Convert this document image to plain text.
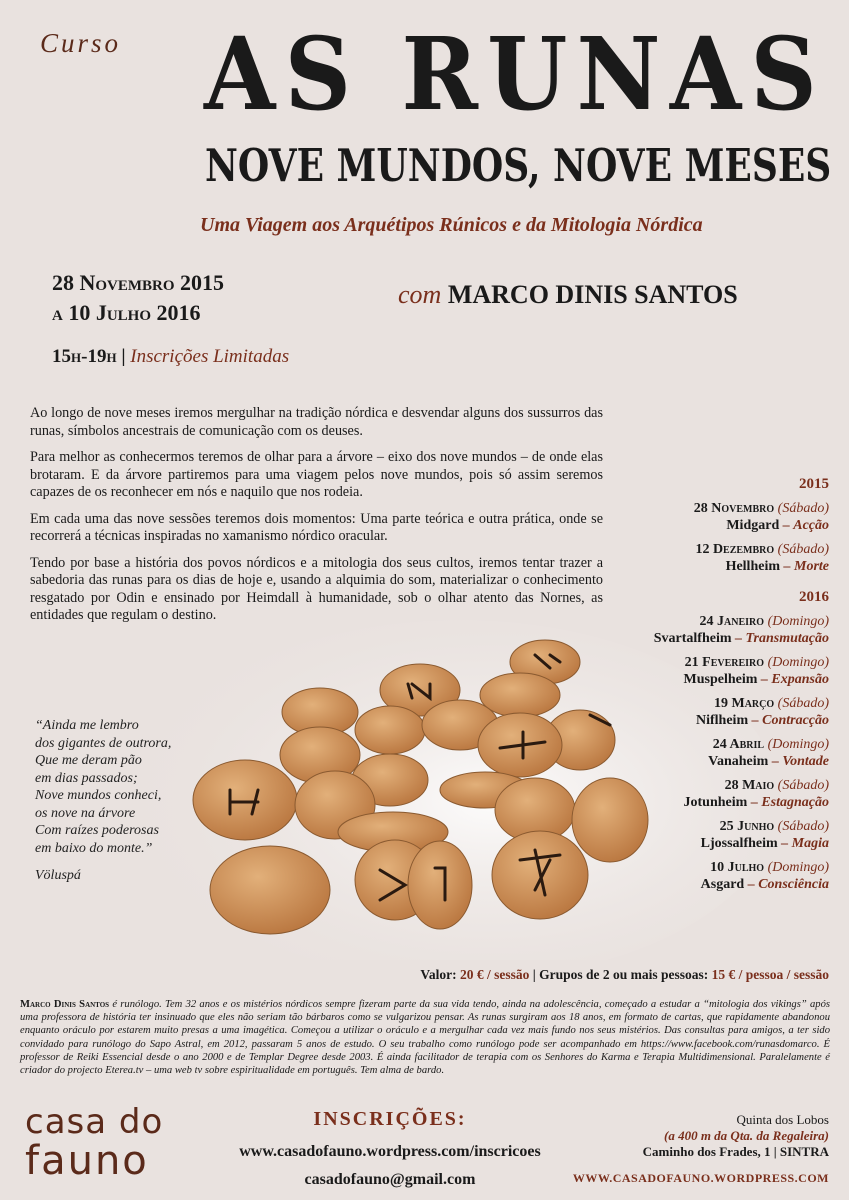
Curso AS RUNAS
NOVE MUNDOS, NOVE MESES
Uma Viagem aos Arquétipos Rúnicos e da Mitologia Nórdica
28 Novembro 2015
a 10 Julho 2016
15h-19h | Inscrições Limitadas
com MARCO DINIS SANTOS

Ao longo de nove meses iremos mergulhar na tradição nórdica e desvendar alguns dos sussurros das runas, símbolos ancestrais de comunicação com os deuses.

Para melhor as conhecermos teremos de olhar para a árvore – eixo dos nove mundos – de onde elas brotaram. E da árvore partiremos para uma viagem pelos nove mundos, pois só assim seremos capazes de os reconhecer em nós e naquilo que nos rodeia.

Em cada uma das nove sessões teremos dois momentos: Uma parte teórica e outra prática, onde se recorrerá a técnicas inspiradas no xamanismo nórdico oracular.

Tendo por base a história dos povos nórdicos e a mitologia dos seus cultos, iremos tentar trazer a sabedoria das runas para os dias de hoje e, usando a alquimia do som, materializar o conhecimento resgatado por Odin e ensinado por Heimdall à humanidade, sob o olhar atento das Nornes, as entidades que regulam o destino.

“Ainda me lembro
dos gigantes de outrora,
Que me deram pão
em dias passados;
Nove mundos conheci,
os nove na árvore
Com raízes poderosas
em baixo do monte.”
Völuspá
2015
28 Novembro (Sábado)
Midgard – Acção
12 Dezembro (Sábado)
Hellheim – Morte
2016
24 Janeiro (Domingo)
Svartalfheim – Transmutação
21 Fevereiro (Domingo)
Muspelheim – Expansão
19 Março (Sábado)
Niflheim – Contracção
24 Abril (Domingo)
Vanaheim – Vontade
28 Maio (Sábado)
Jotunheim – Estagnação
25 Junho (Sábado)
Ljossalfheim – Magia
10 Julho (Domingo)
Asgard – Consciência
Valor: 20 € / sessão | Grupos de 2 ou mais pessoas: 15 € / pessoa / sessão
Marco Dinis Santos é runólogo. Tem 32 anos e os mistérios nórdicos sempre fizeram parte da sua vida tendo, ainda na adolescência, começado a estudar a “mitologia dos vikings” após uma professora de história ter insinuado que eles não seriam tão bárbaros como se vulgarizou pensar. As runas surgiram aos 18 anos, em formato de cartas, que rapidamente abandonou enquanto oráculo por estarem muito presas a uma imagética. Começou a utilizar o oráculo e a mergulhar cada vez mais fundo nos seus mistérios. Das consultas para amigos, a ter sido convidado para runólogo do Sapo Astral, em 2012, passaram 5 anos de estudo. O seu trabalho como runólogo pode ser acompanhado em https://www.facebook.com/runasdomarco. É professor de Reiki Essencial desde o ano 2000 e de Templar Degree desde 2003. É ainda facilitador de terapia com os Senhores do Karma e Terapia Multidimensional. Paralelamente é criador do projecto Eterea.tv – uma web tv sobre espiritualidade em português. Tem alma de bardo.
casa do
fauno
INSCRIÇÕES:
www.casadofauno.wordpress.com/inscricoes
casadofauno@gmail.com
Quinta dos Lobos
(a 400 m da Qta. da Regaleira)
Caminho dos Frades, 1 | SINTRA
WWW.CASADOFAUNO.WORDPRESS.COM
